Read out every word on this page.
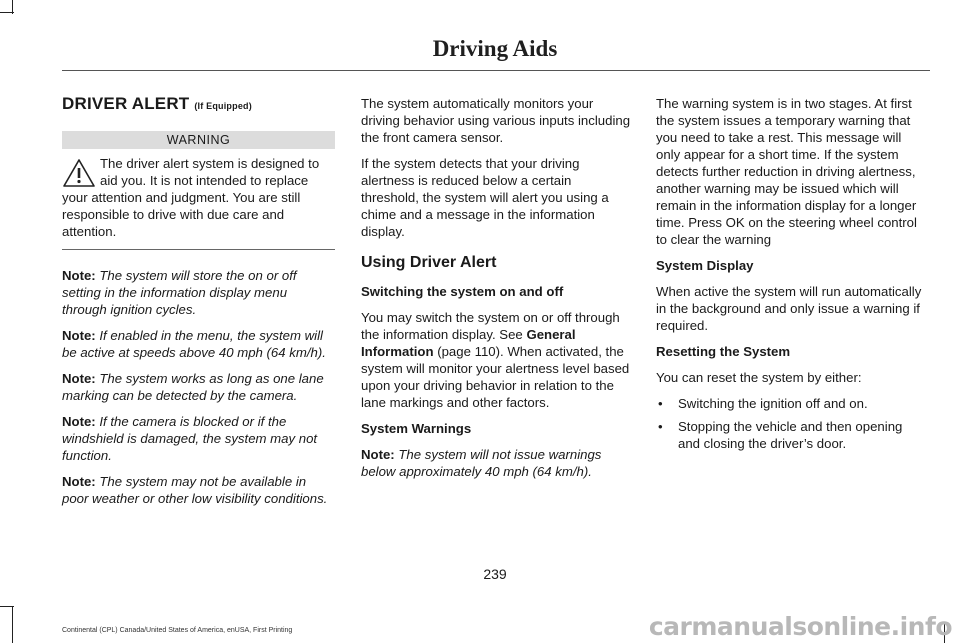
Driving Aids
DRIVER ALERT (If Equipped)
WARNING

The driver alert system is designed to aid you. It is not intended to replace your attention and judgment. You are still responsible to drive with due care and attention.

Note: The system will store the on or off setting in the information display menu through ignition cycles.

Note: If enabled in the menu, the system will be active at speeds above 40 mph (64 km/h).

Note: The system works as long as one lane marking can be detected by the camera.

Note: If the camera is blocked or if the windshield is damaged, the system may not function.

Note: The system may not be available in poor weather or other low visibility conditions.

The system automatically monitors your driving behavior using various inputs including the front camera sensor.

If the system detects that your driving alertness is reduced below a certain threshold, the system will alert you using a chime and a message in the information display.

Using Driver Alert

Switching the system on and off

You may switch the system on or off through the information display. See General Information (page 110). When activated, the system will monitor your alertness level based upon your driving behavior in relation to the lane markings and other factors.

System Warnings

Note: The system will not issue warnings below approximately 40 mph (64 km/h).

The warning system is in two stages. At first the system issues a temporary warning that you need to take a rest. This message will only appear for a short time. If the system detects further reduction in driving alertness, another warning may be issued which will remain in the information display for a longer time. Press OK on the steering wheel control to clear the warning

System Display

When active the system will run automatically in the background and only issue a warning if required.

Resetting the System

You can reset the system by either:

• Switching the ignition off and on.
• Stopping the vehicle and then opening and closing the driver’s door.
239
Continental (CPL) Canada/United States of America, enUSA, First Printing	carmanualsonline.info
